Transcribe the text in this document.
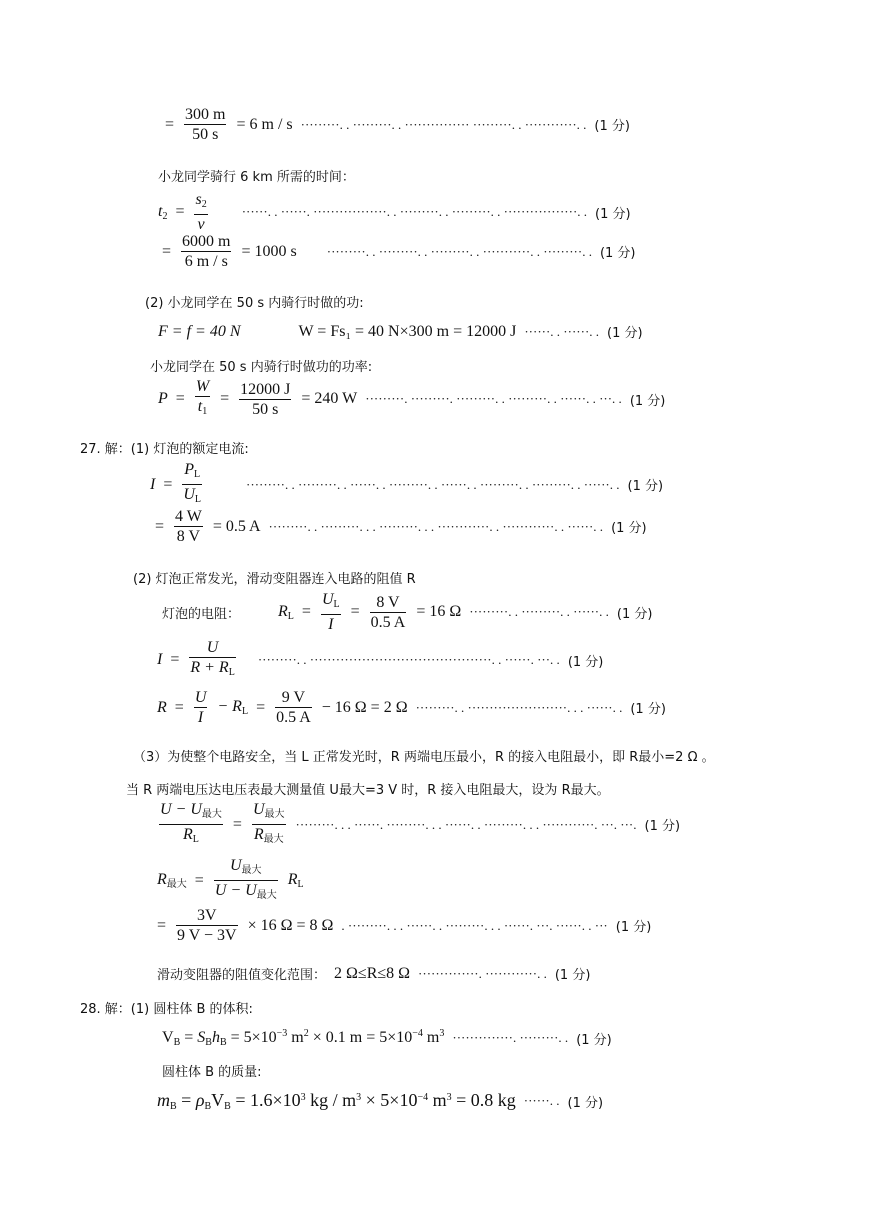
= $\frac{300 m}{50 s} = 6$ m / s ·········. . ·········. . ··············· ·········. . ············. . (1 分)
小龙同学骑行 6 km 所需的时间：
$t_2 = \frac{s_2}{v}$	······. . ······. ·················. . ·········. . ·········. . ·················. . (1 分)
= $\frac{6000 m}{6 m / s} = 1000$ s ·········. . ·········. . ·········. . ···········. . ·········. . (1 分)
(2) 小龙同学在 50 s 内骑行时做的功:
F = f = 40 N	W = Fs₁ = 40 N×300 m = 12000 J ······. . ······. . (1 分)
小龙同学在 50 s 内骑行时做功的功率:
$P = \frac{W}{t_1} = \frac{12000 J}{50 s} = 240$ W ·········. ·········. ·········. . ·········. . ······. . ···. . (1 分)
27. 解：(1) 灯泡的额定电流:
$I = \frac{P_L}{U_L}$	·········. . ·········. . ······. . ·········. . ······. . ·········. . ·········. . ······. . (1 分)
= $\frac{4 W}{8 V} = 0.5$ A ·········. . ·········. . . ·········. . . ············. . ············. . ······. . (1 分)
(2) 灯泡正常发光，滑动变阻器连入电路的阻值 R
灯泡的电阻： $R_L = \frac{U_L}{I} = \frac{8 V}{0.5 A} = 16$ Ω ·········. . ·········. . ······. . (1 分)
$I = \frac{U}{R + R_L}$ ·········. . ··········································. . ······. ···. . (1 分)
$R = \frac{U}{I} - R_L = \frac{9 V}{0.5 A} - 16$ Ω = 2 Ω ·········. . ·······················. . . ······. . (1 分)
（3）为使整个电路安全，当 L 正常发光时，R 两端电压最小，R 的接入电阻最小，即 R最小=2 Ω 。
当 R 两端电压达电压表最大测量值 U最大=3 V 时，R 接入电阻最大，设为 R最大。
$\frac{U - U_{最大}}{R_L} = \frac{U_{最大}}{R_{最大}}$ ·········. . . ······. ·········. . . ······. . ·········. . . ············. ···. ···. (1 分)
$R_{最大} = \frac{U_{最大}}{U - U_{最大}} R_L$
= $\frac{3V}{9 V - 3V} \times 16$ Ω = 8 Ω . ·········. . . ······. . ·········. . . ······. ···. ······. . ··· (1 分)
滑动变阻器的阻值变化范围： 2 Ω≤R≤8 Ω ··············. ············. . (1 分)
28. 解：(1) 圆柱体 B 的体积:
$V_B = S_Bh_B = 5\times 10^{-3}$ $m^2 \times 0.1$ $m = 5\times 10^{-4}$ $m^3$ ··············. ·········. . (1 分)
圆柱体 B 的质量:
$m_B = \rho_BV_B = 1.6\times 10^3$ kg / $m^3 \times 5\times 10^{-4}$ $m^3 = 0.8$ kg ······. . (1 分)
